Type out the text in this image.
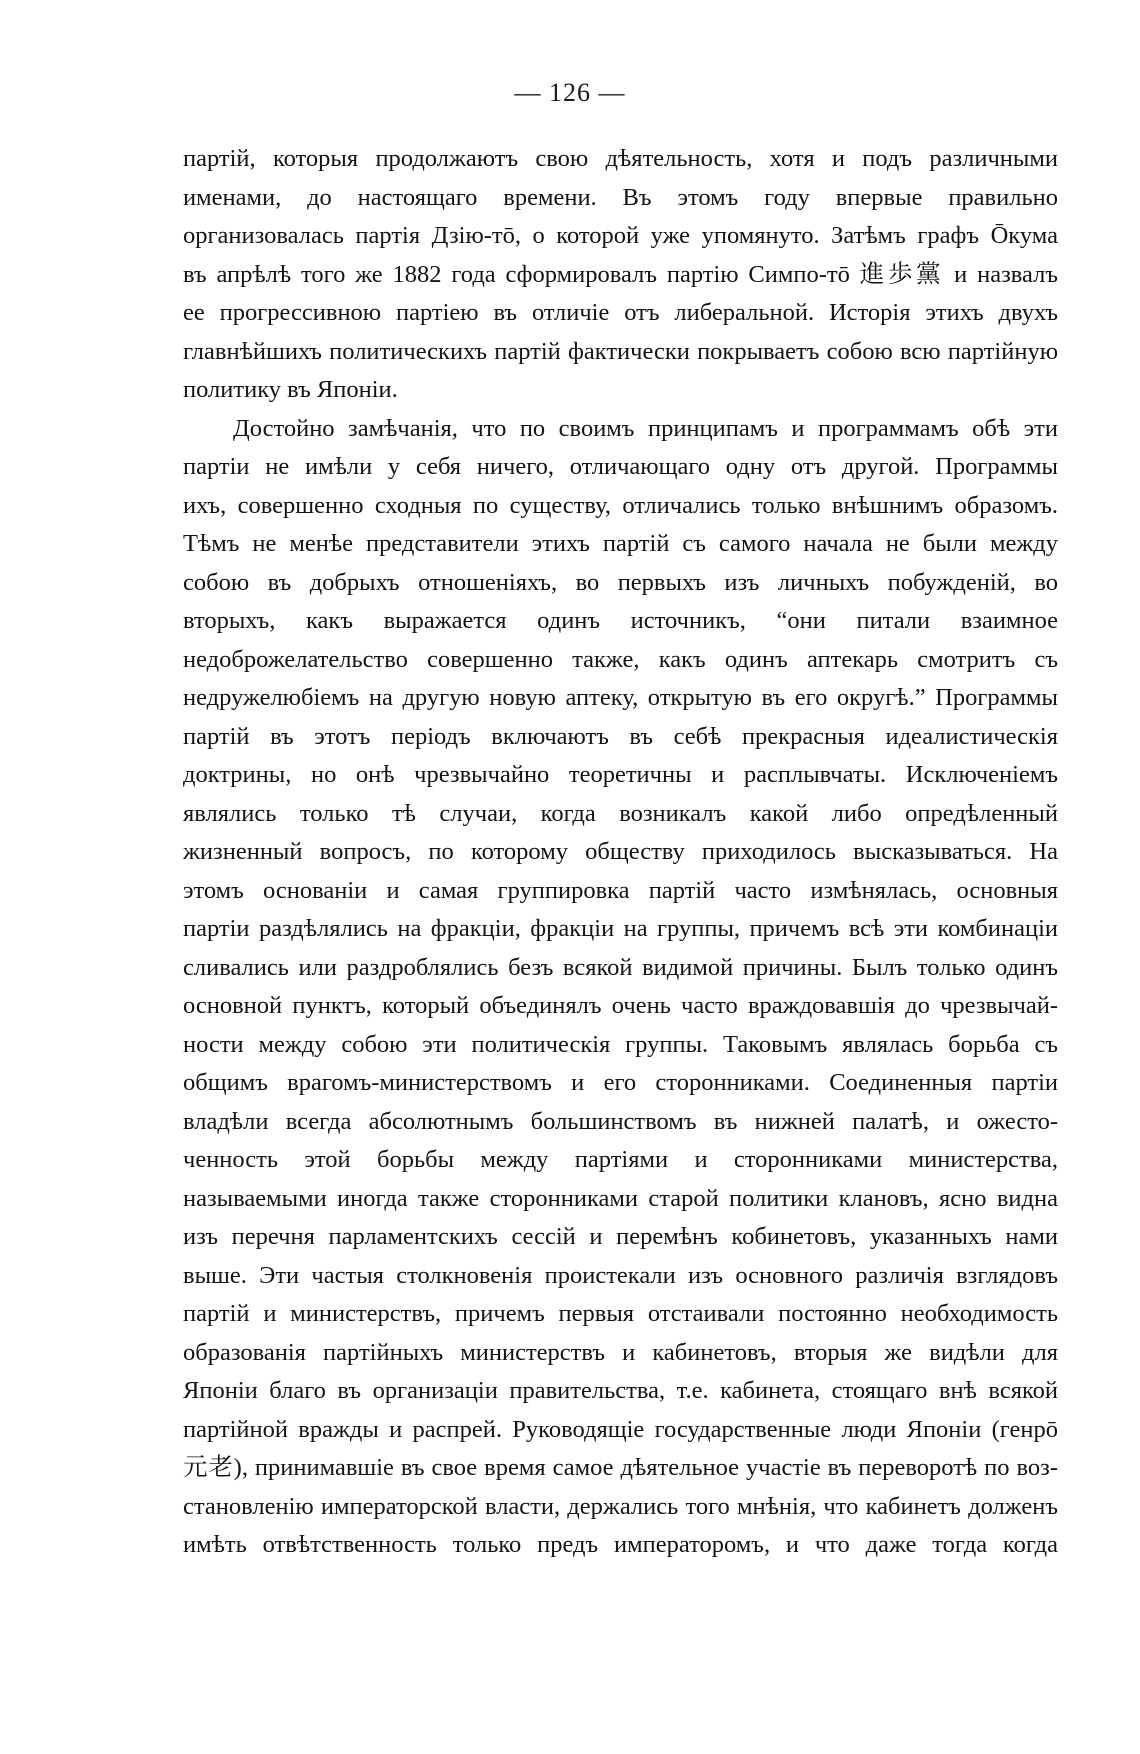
— 126 —
партій, которыя продолжаютъ свою дѣятельность, хотя и подъ различными
именами, до настоящаго времени. Въ этомъ году впервые правильно
организовалась партія Дзію-тō, о которой уже упомянуто. Затѣмъ графъ Ōкума
въ апрѣлѣ того же 1882 года сформировалъ партію Симпо-тō 進歩黨 и назвалъ
ее прогрессивною партіею въ отличіе отъ либеральной. Исторія этихъ двухъ
главнѣйшихъ политическихъ партій фактически покрываетъ собою всю партійную
политику въ Японіи.
Достойно замѣчанія, что по своимъ принципамъ и программамъ обѣ эти
партіи не имѣли у себя ничего, отличающаго одну отъ другой. Программы
ихъ, совершенно сходныя по существу, отличались только внѣшнимъ образомъ.
Тѣмъ не менѣе представители этихъ партій съ самого начала не были между
собою въ добрыхъ отношеніяхъ, во первыхъ изъ личныхъ побужденій, во
вторыхъ, какъ выражается одинъ источникъ, “они питали взаимное
недоброжелательство совершенно также, какъ одинъ аптекарь смотритъ съ
недружелюбіемъ на другую новую аптеку, открытую въ его округѣ.” Программы
партій въ этотъ періодъ включаютъ въ себѣ прекрасныя идеалистическія
доктрины, но онѣ чрезвычайно теоретичны и расплывчаты. Исключеніемъ
являлись только тѣ случаи, когда возникалъ какой либо опредѣленный
жизненный вопросъ, по которому обществу приходилось высказываться. На
этомъ основаніи и самая группировка партій часто измѣнялась, основныя
партіи раздѣлялись на фракціи, фракціи на группы, причемъ всѣ эти комбинаціи
сливались или раздроблялись безъ всякой видимой причины. Былъ только одинъ
основной пунктъ, который объединялъ очень часто враждовавшія до чрезвычай-
ности между собою эти политическія группы. Таковымъ являлась борьба съ
общимъ врагомъ-министерствомъ и его сторонниками. Соединенныя партіи
владѣли всегда абсолютнымъ большинствомъ въ нижней палатѣ, и ожесто-
ченность этой борьбы между партіями и сторонниками министерства,
называемыми иногда также сторонниками старой политики клановъ, ясно видна
изъ перечня парламентскихъ сессій и перемѣнъ кобинетовъ, указанныхъ нами
выше. Эти частыя столкновенія проистекали изъ основного различія взглядовъ
партій и министерствъ, причемъ первыя отстаивали постоянно необходимость
образованія партійныхъ министерствъ и кабинетовъ, вторыя же видѣли для
Японіи благо въ организаціи правительства, т.е. кабинета, стоящаго внѣ всякой
партійной вражды и распрей. Руководящіе государственные люди Японіи (генрō
元老), принимавшіе въ свое время самое дѣятельное участіе въ переворотѣ по воз-
становленію императорской власти, держались того мнѣнія, что кабинетъ долженъ
имѣть отвѣтственность только предъ императоромъ, и что даже тогда когда
